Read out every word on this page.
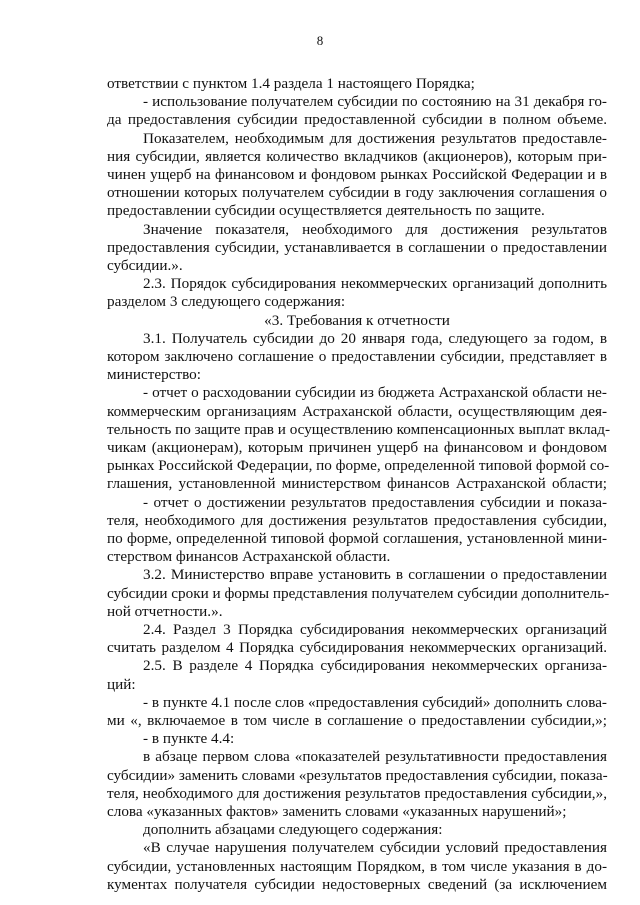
8
ответствии с пунктом 1.4 раздела 1 настоящего Порядка;
- использование получателем субсидии по состоянию на 31 декабря го-
да предоставления субсидии предоставленной субсидии в полном объеме.
Показателем, необходимым для достижения результатов предоставле-
ния субсидии, является количество вкладчиков (акционеров), которым при-
чинен ущерб на финансовом и фондовом рынках Российской Федерации и в
отношении которых получателем субсидии в году заключения соглашения о
предоставлении субсидии осуществляется деятельность по защите.
Значение показателя, необходимого для достижения результатов
предоставления субсидии, устанавливается в соглашении о предоставлении
субсидии.».
2.3. Порядок субсидирования некоммерческих организаций дополнить
разделом 3 следующего содержания:
«3. Требования к отчетности
3.1. Получатель субсидии до 20 января года, следующего за годом, в
котором заключено соглашение о предоставлении субсидии, представляет в
министерство:
- отчет о расходовании субсидии из бюджета Астраханской области не-
коммерческим организациям Астраханской области, осуществляющим дея-
тельность по защите прав и осуществлению компенсационных выплат вклад-
чикам (акционерам), которым причинен ущерб на финансовом и фондовом
рынках Российской Федерации, по форме, определенной типовой формой со-
глашения, установленной министерством финансов Астраханской области;
- отчет о достижении результатов предоставления субсидии и показа-
теля, необходимого для достижения результатов предоставления субсидии,
по форме, определенной типовой формой соглашения, установленной мини-
стерством финансов Астраханской области.
3.2. Министерство вправе установить в соглашении о предоставлении
субсидии сроки и формы представления получателем субсидии дополнитель-
ной отчетности.».
2.4. Раздел 3 Порядка субсидирования некоммерческих организаций
считать разделом 4 Порядка субсидирования некоммерческих организаций.
2.5. В разделе 4 Порядка субсидирования некоммерческих организа-
ций:
- в пункте 4.1 после слов «предоставления субсидий» дополнить слова-
ми «, включаемое в том числе в соглашение о предоставлении субсидии,»;
- в пункте 4.4:
в абзаце первом слова «показателей результативности предоставления
субсидии» заменить словами «результатов предоставления субсидии, показа-
теля, необходимого для достижения результатов предоставления субсидии,»,
слова «указанных фактов» заменить словами «указанных нарушений»;
дополнить абзацами следующего содержания:
«В случае нарушения получателем субсидии условий предоставления
субсидии, установленных настоящим Порядком, в том числе указания в до-
кументах получателя субсидии недостоверных сведений (за исключением
